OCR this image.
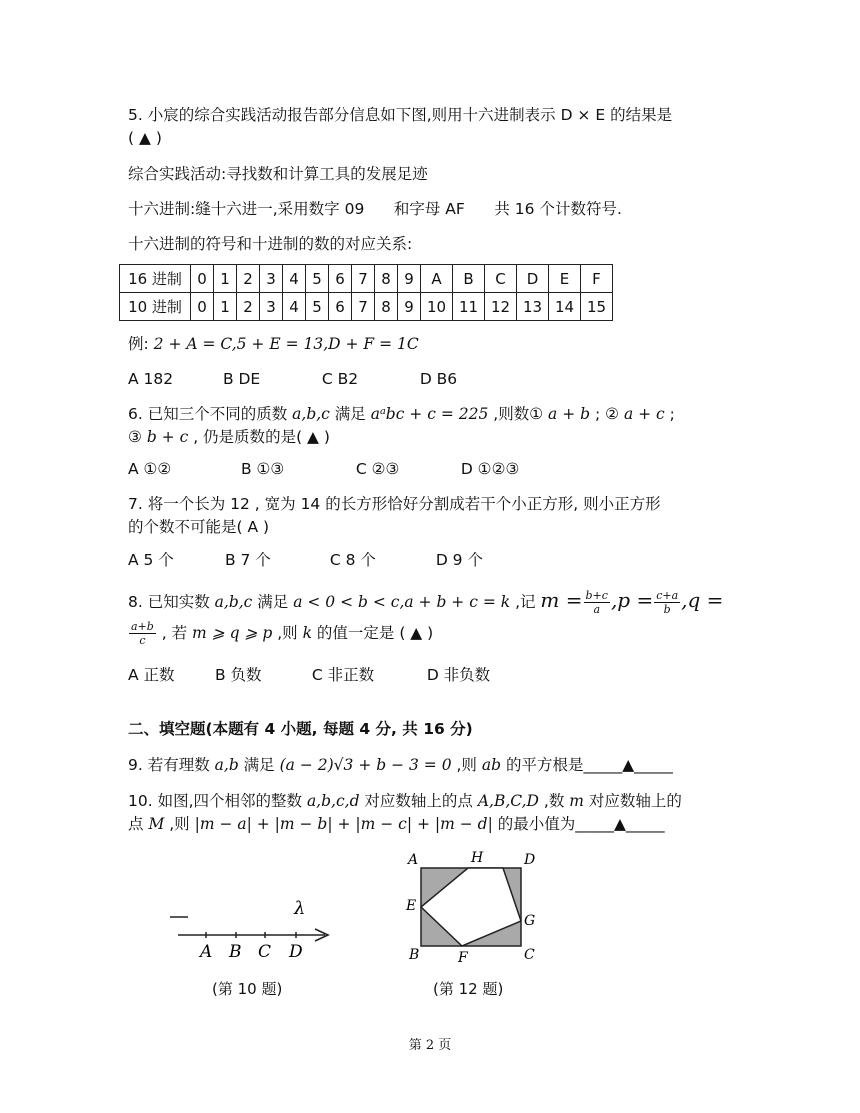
5. 小宸的综合实践活动报告部分信息如下图,则用十六进制表示 D × E 的结果是
( ▲ )
综合实践活动:寻找数和计算工具的发展足迹
十六进制:缝十六进一,采用数字 09      和字母 AF      共 16 个计数符号.
十六进制的符号和十进制的数的对应关系:
16 进制	0	1	2	3	4	5	6	7	8	9	A	B	C	D	E	F
10 进制	0	1	2	3	4	5	6	7	8	9	10	11	12	13	14	15
例: 2 + A = C,5 + E = 13,D + F = 1C
A 182	B DE	C B2	D B6
6. 已知三个不同的质数 a,b,c 满足 aᵃbc + c = 225 ,则数① a + b ; ② a + c ;
③ b + c , 仍是质数的是( ▲ )
A ①②	B ①③	C ②③	D ①②③
7. 将一个长为 12 , 宽为 14 的长方形恰好分割成若干个小正方形, 则小正方形
的个数不可能是( A )
A 5 个	B 7 个	C 8 个	D 9 个
8. 已知实数 a,b,c 满足 a < 0 < b < c,a + b + c = k ,记 $m = \frac{b+c}{a} ,p = \frac{c+a}{b} ,q$ =
$\frac{a+b}{c}$ , 若 m ⩾ q ⩾ p ,则 k 的值一定是 ( ▲ )
A 正数	B 负数	C 非正数	D 非负数
二、填空题(本题有 4 小题, 每题 4 分, 共 16 分)
9. 若有理数 a,b 满足 (a − 2)√3 + b − 3 = 0 ,则 ab 的平方根是_____▲_____
10. 如图,四个相邻的整数 a,b,c,d 对应数轴上的点 A,B,C,D ,数 m 对应数轴上的
点 M ,则 |m − a| + |m − b| + |m − c| + |m − d| 的最小值为_____▲_____
λ
A B C D
(第 10 题)
A	H	D
E
G
B	F	C
(第 12 题)
第 2 页
